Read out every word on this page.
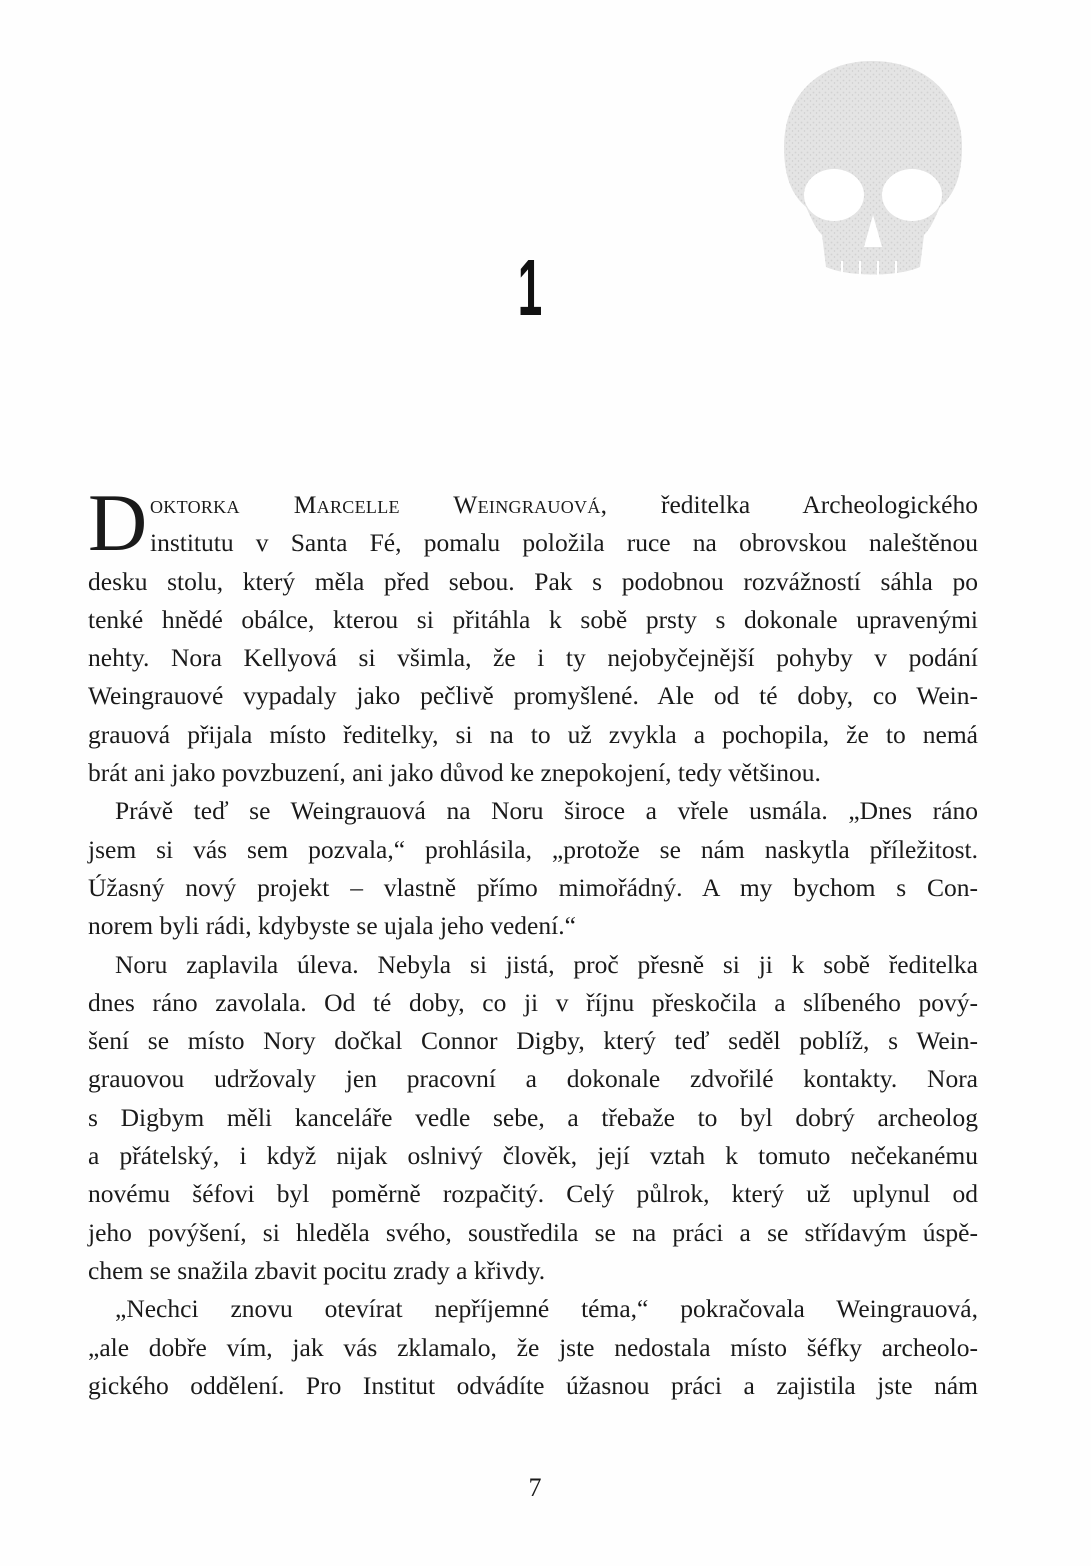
1
D oktorka Marcelle Weingrauová, ředitelka Archeologického
institutu v Santa Fé, pomalu položila ruce na obrovskou naleštěnou
desku stolu, který měla před sebou. Pak s podobnou rozvážností sáhla po
tenké hnědé obálce, kterou si přitáhla k sobě prsty s dokonale upravenými
nehty. Nora Kellyová si všimla, že i ty nejobyčejnější pohyby v podání
Weingrauové vypadaly jako pečlivě promyšlené. Ale od té doby, co Wein-
grauová přijala místo ředitelky, si na to už zvykla a pochopila, že to nemá
brát ani jako povzbuzení, ani jako důvod ke znepokojení, tedy většinou.
Právě teď se Weingrauová na Noru široce a vřele usmála. „Dnes ráno
jsem si vás sem pozvala,“ prohlásila, „protože se nám naskytla příležitost.
Úžasný nový projekt – vlastně přímo mimořádný. A my bychom s Con-
norem byli rádi, kdybyste se ujala jeho vedení.“
Noru zaplavila úleva. Nebyla si jistá, proč přesně si ji k sobě ředitelka
dnes ráno zavolala. Od té doby, co ji v říjnu přeskočila a slíbeného pový-
šení se místo Nory dočkal Connor Digby, který teď seděl poblíž, s Wein-
grauovou udržovaly jen pracovní a dokonale zdvořilé kontakty. Nora
s Digbym měli kanceláře vedle sebe, a třebaže to byl dobrý archeolog
a přátelský, i když nijak oslnivý člověk, její vztah k tomuto nečekanému
novému šéfovi byl poměrně rozpačitý. Celý půlrok, který už uplynul od
jeho povýšení, si hleděla svého, soustředila se na práci a se střídavým úspě-
chem se snažila zbavit pocitu zrady a křivdy.
„Nechci znovu otevírat nepříjemné téma,“ pokračovala Weingrauová,
„ale dobře vím, jak vás zklamalo, že jste nedostala místo šéfky archeolo-
gického oddělení. Pro Institut odvádíte úžasnou práci a zajistila jste nám
7
